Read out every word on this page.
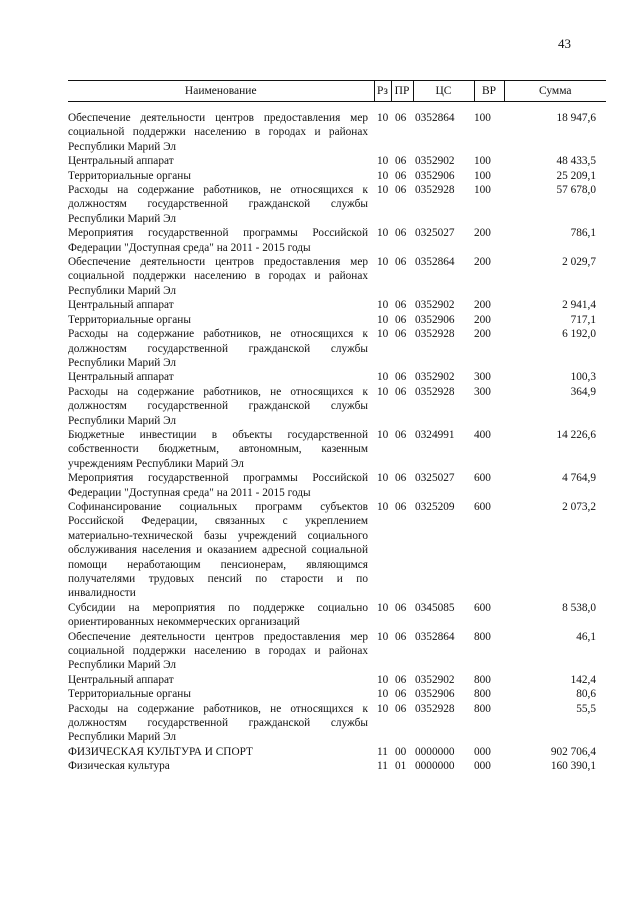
43
Наименование	Рз	ПР	ЦС	ВР	Сумма
Обеспечение деятельности центров предоставления мер социальной поддержки населению в городах и районах Республики Марий Эл	10	06	0352864	100	18 947,6
Центральный аппарат	10	06	0352902	100	48 433,5
Территориальные органы	10	06	0352906	100	25 209,1
Расходы на содержание работников, не относящихся к должностям государственной гражданской службы Республики Марий Эл	10	06	0352928	100	57 678,0
Мероприятия государственной программы Российской Федерации "Доступная среда" на 2011 - 2015 годы	10	06	0325027	200	786,1
Обеспечение деятельности центров предоставления мер социальной поддержки населению в городах и районах Республики Марий Эл	10	06	0352864	200	2 029,7
Центральный аппарат	10	06	0352902	200	2 941,4
Территориальные органы	10	06	0352906	200	717,1
Расходы на содержание работников, не относящихся к должностям государственной гражданской службы Республики Марий Эл	10	06	0352928	200	6 192,0
Центральный аппарат	10	06	0352902	300	100,3
Расходы на содержание работников, не относящихся к должностям государственной гражданской службы Республики Марий Эл	10	06	0352928	300	364,9
Бюджетные инвестиции в объекты государственной собственности бюджетным, автономным, казенным учреждениям Республики Марий Эл	10	06	0324991	400	14 226,6
Мероприятия государственной программы Российской Федерации "Доступная среда" на 2011 - 2015 годы	10	06	0325027	600	4 764,9
Софинансирование социальных программ субъектов Российской Федерации, связанных с укреплением материально-технической базы учреждений социального обслуживания населения и оказанием адресной социальной помощи неработающим пенсионерам, являющимся получателями трудовых пенсий по старости и по инвалидности	10	06	0325209	600	2 073,2
Субсидии на мероприятия по поддержке социально ориентированных некоммерческих организаций	10	06	0345085	600	8 538,0
Обеспечение деятельности центров предоставления мер социальной поддержки населению в городах и районах Республики Марий Эл	10	06	0352864	800	46,1
Центральный аппарат	10	06	0352902	800	142,4
Территориальные органы	10	06	0352906	800	80,6
Расходы на содержание работников, не относящихся к должностям государственной гражданской службы Республики Марий Эл	10	06	0352928	800	55,5
ФИЗИЧЕСКАЯ КУЛЬТУРА И СПОРТ	11	00	0000000	000	902 706,4
Физическая культура	11	01	0000000	000	160 390,1
